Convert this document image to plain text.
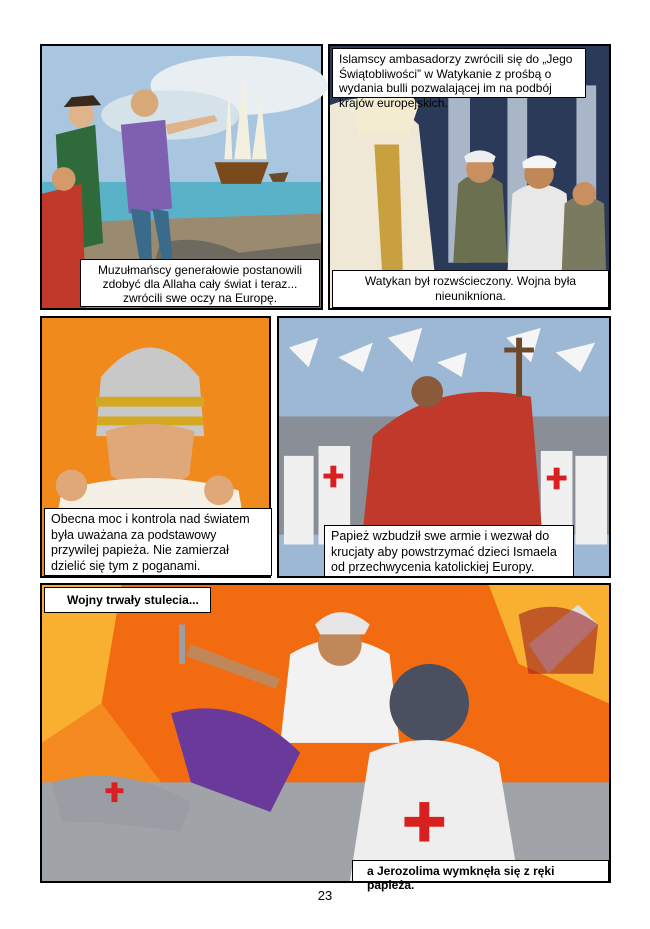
Muzułmańscy generałowie postanowili zdobyć dla Allaha cały świat i teraz... zwrócili swe oczy na Europę.
Islamscy ambasadorzy zwrócili się do „Jego Świątobliwości” w Watykanie z prośbą o wydania bulli pozwalającej im na podbój krajów europejskich.
Watykan był rozwścieczony. Wojna była nieunikniona.
Obecna moc i kontrola nad światem była uważana za podstawowy przywilej papieża. Nie zamierzał dzielić się tym z poganami.
Papież wzbudził swe armie i wezwał do krucjaty aby powstrzymać dzieci Ismaela od przechwycenia katolickiej Europy.
Wojny trwały stulecia...
a Jerozolima wymknęła się z ręki papieża.
23
